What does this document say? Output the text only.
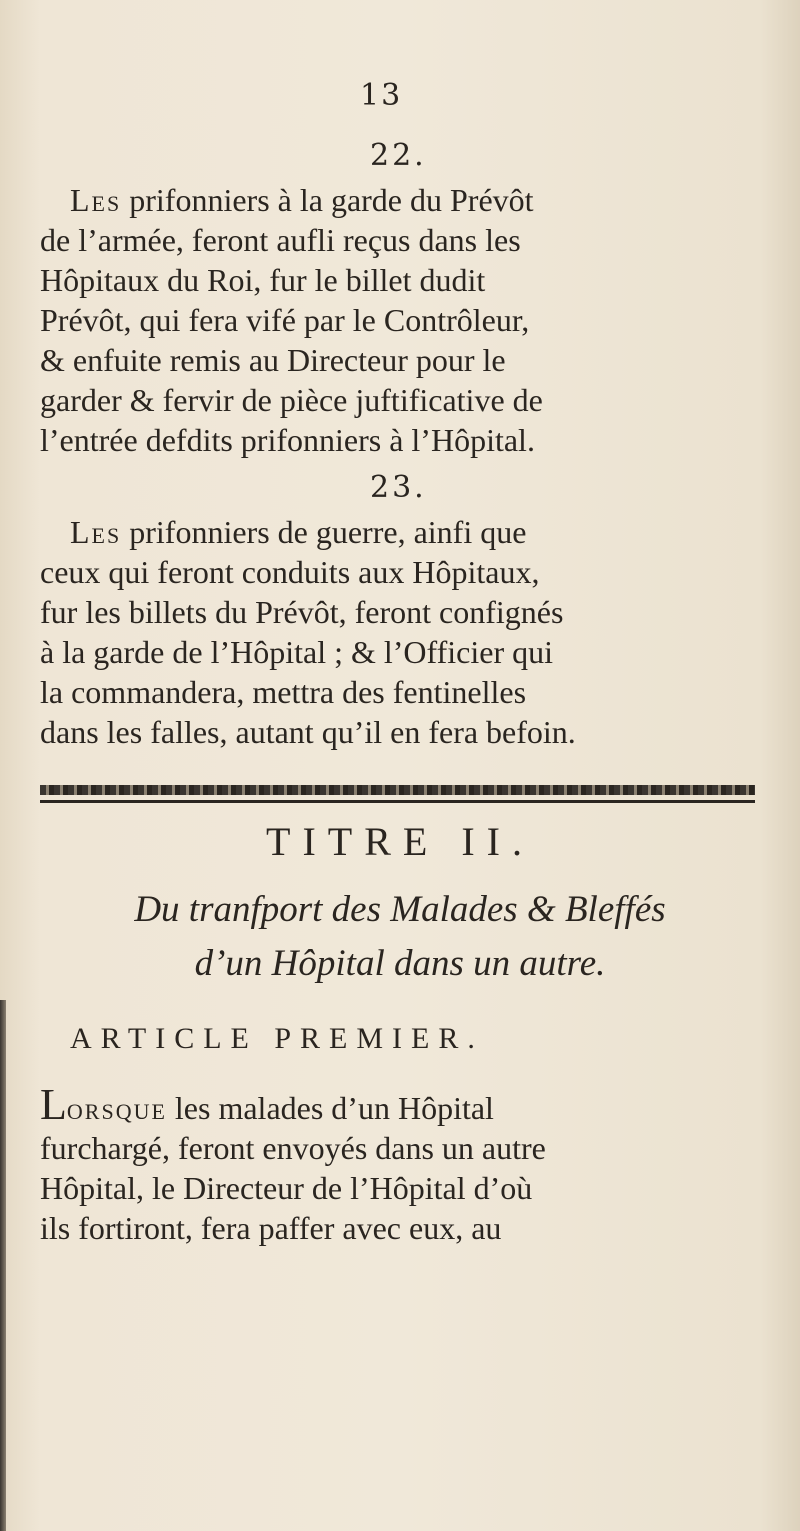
13
22.
Les prifonniers à la garde du Prévôt
de l’armée, feront aufli reçus dans les
Hôpitaux du Roi, fur le billet dudit
Prévôt, qui fera vifé par le Contrôleur,
& enfuite remis au Directeur pour le
garder & fervir de pièce juftificative de
l’entrée defdits prifonniers à l’Hôpital.
23.
Les prifonniers de guerre, ainfi que
ceux qui feront conduits aux Hôpitaux,
fur les billets du Prévôt, feront confignés
à la garde de l’Hôpital ; & l’Officier qui
la commandera, mettra des fentinelles
dans les falles, autant qu’il en fera befoin.
TITRE II.
Du tranfport des Malades & Bleffés
d’un Hôpital dans un autre.
ARTICLE PREMIER.
Lorsque les malades d’un Hôpital
furchargé, feront envoyés dans un autre
Hôpital, le Directeur de l’Hôpital d’où
ils fortiront, fera paffer avec eux, au
